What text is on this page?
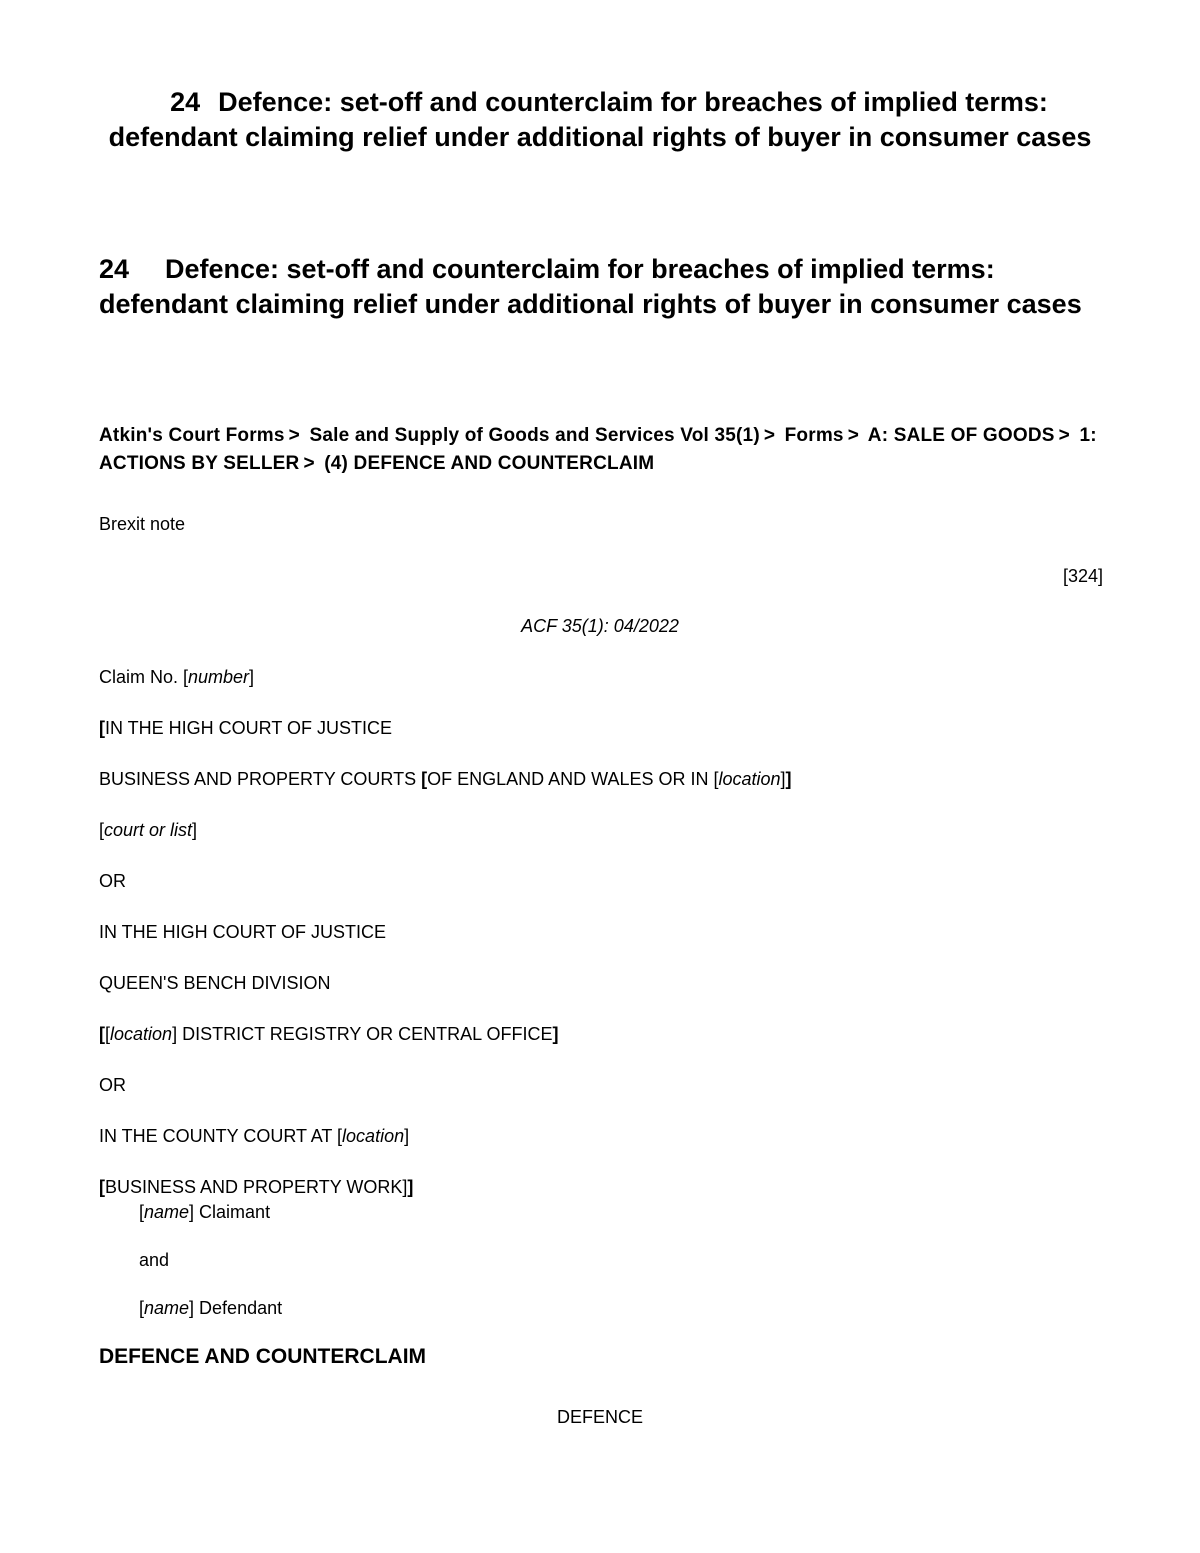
24 Defence: set-off and counterclaim for breaches of implied terms: defendant claiming relief under additional rights of buyer in consumer cases
24 Defence: set-off and counterclaim for breaches of implied terms: defendant claiming relief under additional rights of buyer in consumer cases
Atkin's Court Forms > Sale and Supply of Goods and Services Vol 35(1) > Forms > A: SALE OF GOODS > 1: ACTIONS BY SELLER > (4) DEFENCE AND COUNTERCLAIM
Brexit note
[324]
ACF 35(1): 04/2022
Claim No. [number]
[IN THE HIGH COURT OF JUSTICE
BUSINESS AND PROPERTY COURTS [OF ENGLAND AND WALES OR IN [location]]
[court or list]
OR
IN THE HIGH COURT OF JUSTICE
QUEEN'S BENCH DIVISION
[[location] DISTRICT REGISTRY OR CENTRAL OFFICE]
OR
IN THE COUNTY COURT AT [location]
[BUSINESS AND PROPERTY WORK]]
[name] Claimant
and
[name] Defendant
DEFENCE AND COUNTERCLAIM
DEFENCE
